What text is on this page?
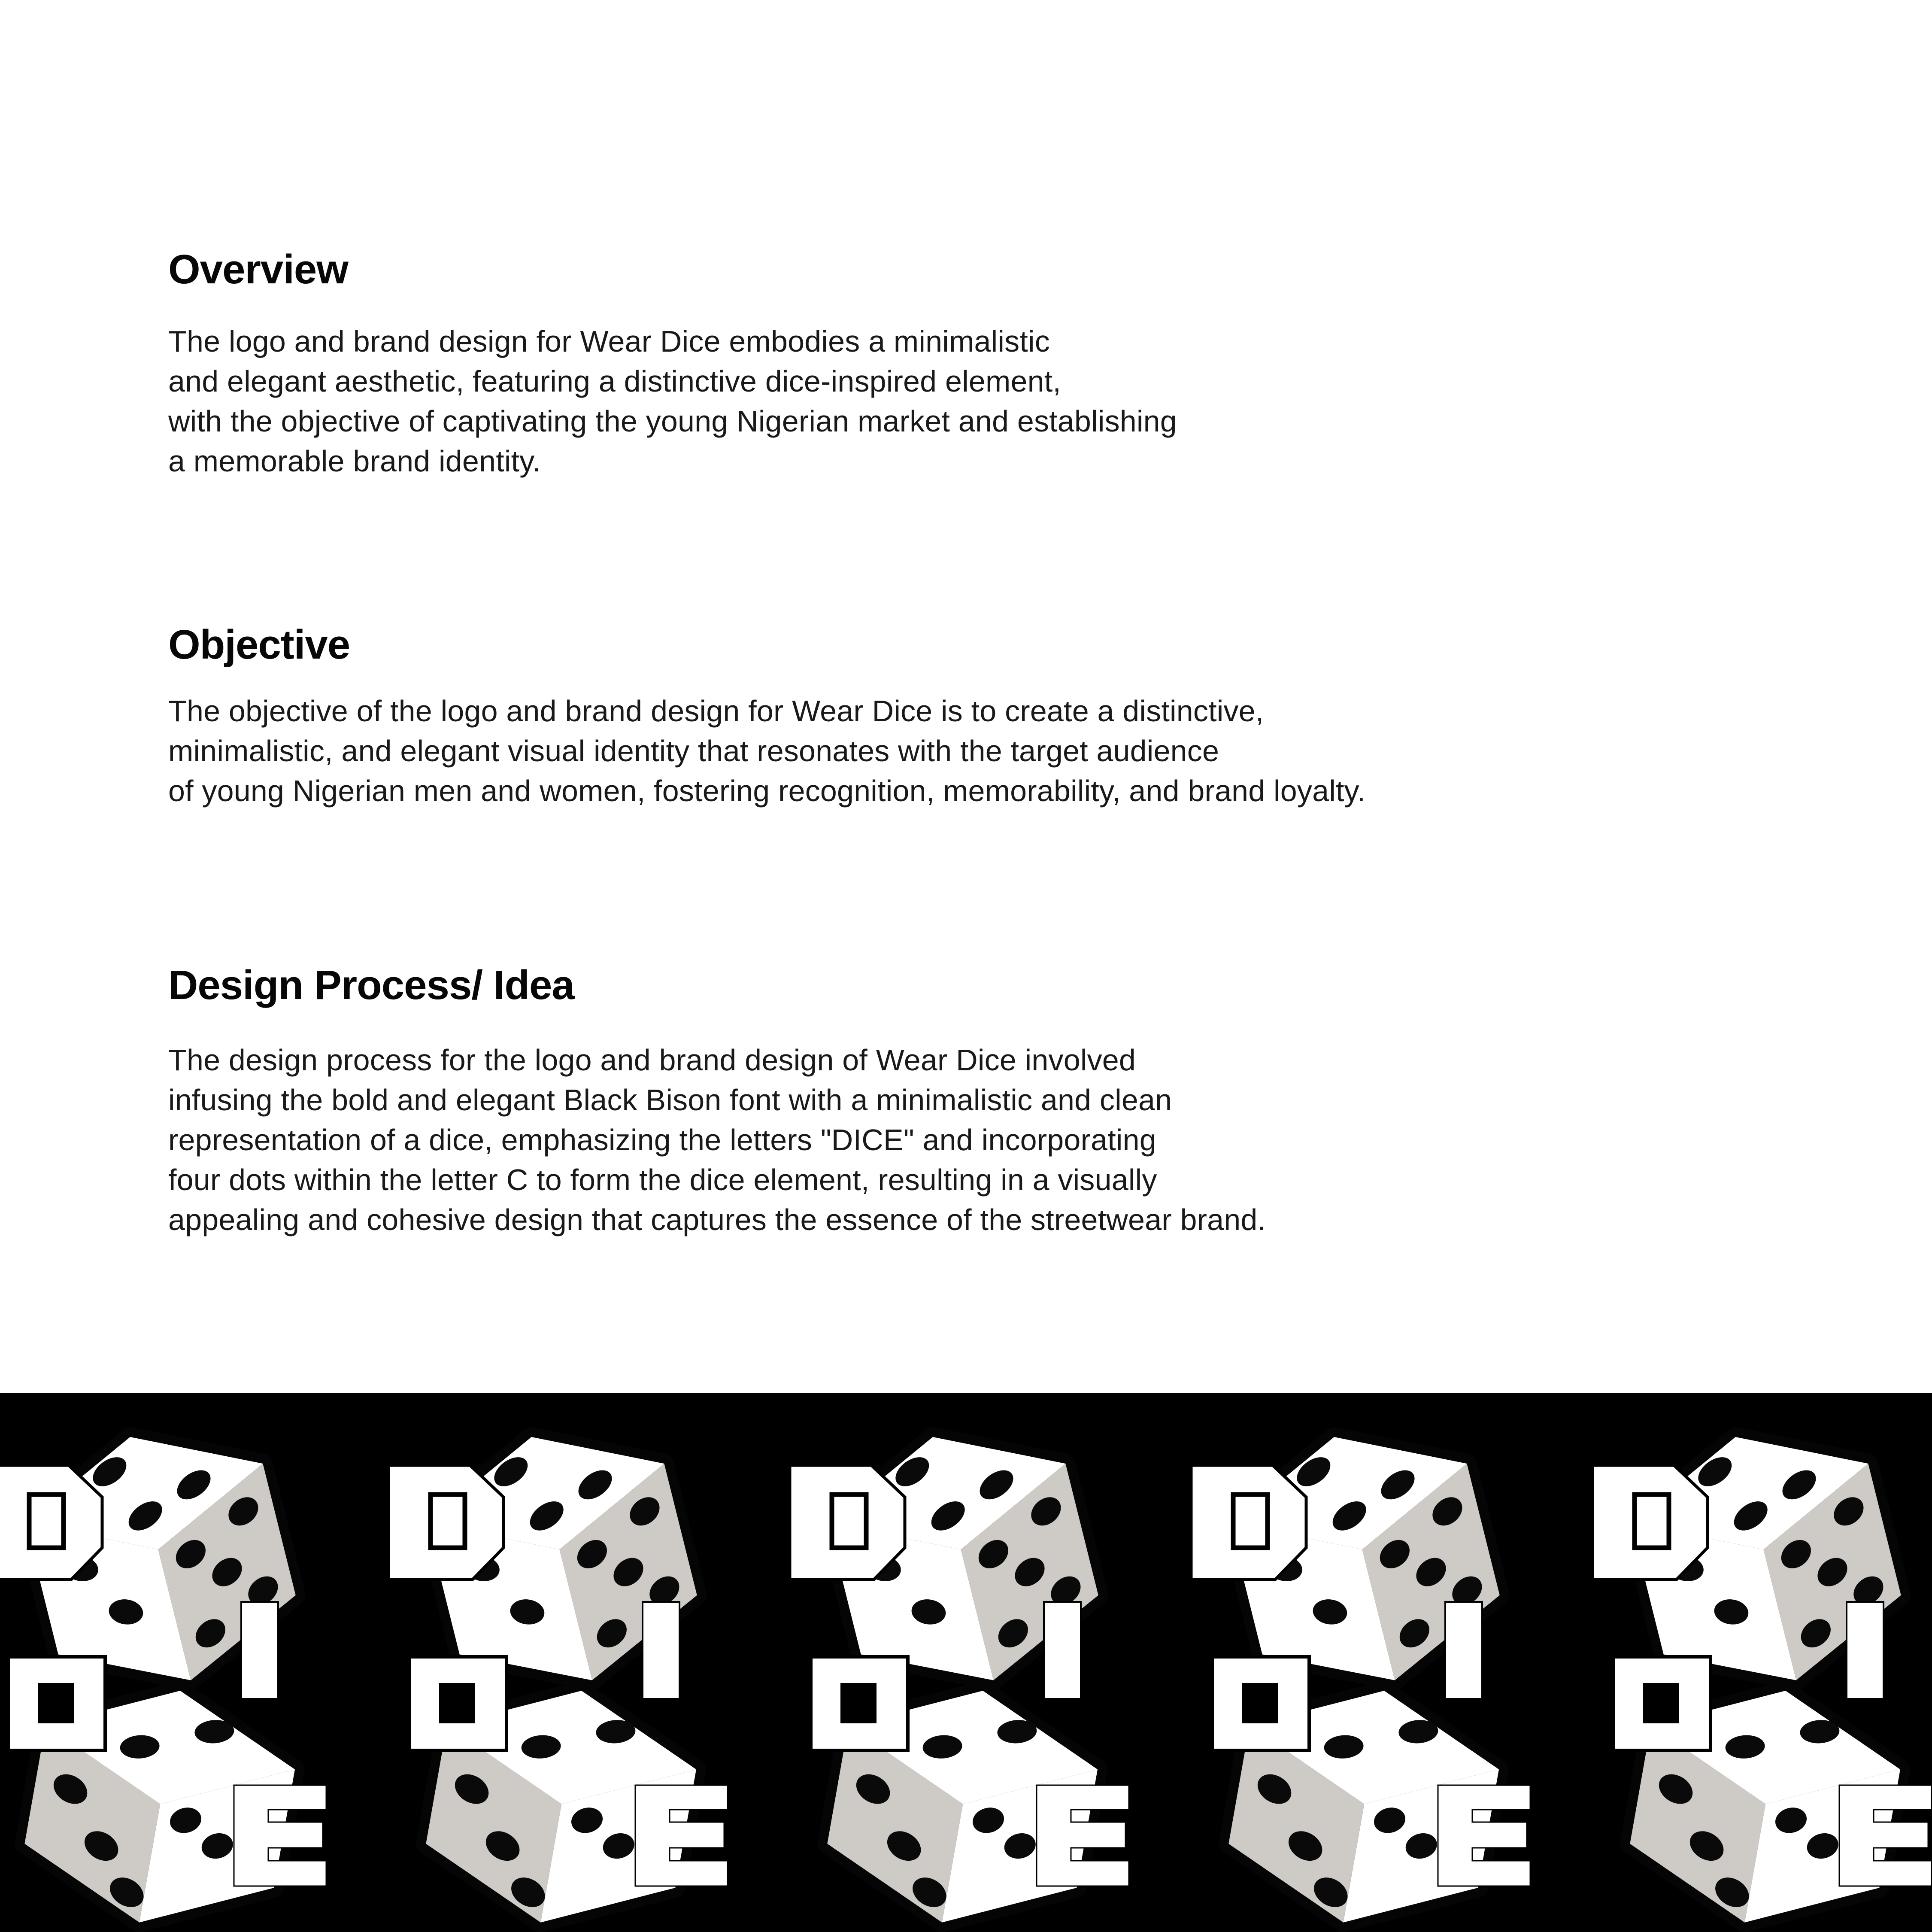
Overview
The logo and brand design for Wear Dice embodies a minimalistic
and elegant aesthetic, featuring a distinctive dice-inspired element,
with the objective of captivating the young Nigerian market and establishing
a memorable brand identity.
Objective
The objective of the logo and brand design for Wear Dice is to create a distinctive,
minimalistic, and elegant visual identity that resonates with the target audience
of young Nigerian men and women, fostering recognition, memorability, and brand loyalty.
Design Process/ Idea
The design process for the logo and brand design of Wear Dice involved
infusing the bold and elegant Black Bison font with a minimalistic and clean
representation of a dice, emphasizing the letters "DICE" and incorporating
four dots within the letter C to form the dice element, resulting in a visually
appealing and cohesive design that captures the essence of the streetwear brand.
